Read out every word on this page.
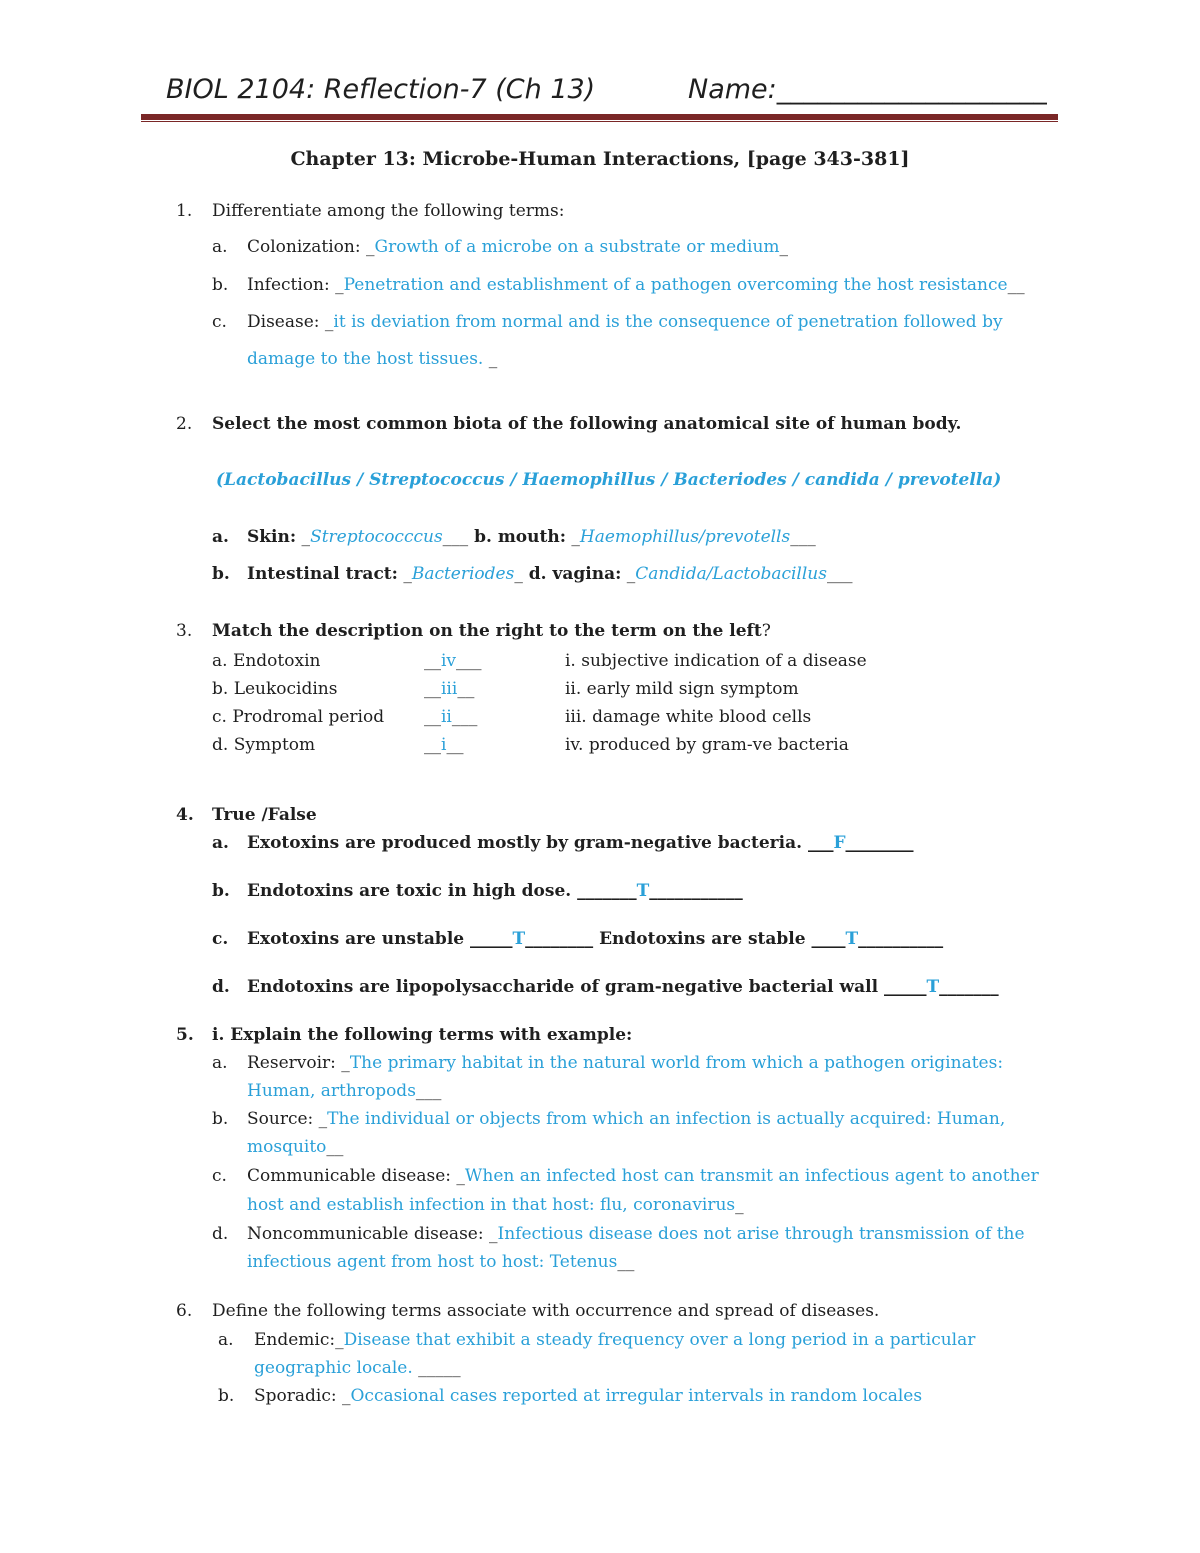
BIOL 2104: Reflection-7 (Ch 13)	Name:____________________
Chapter 13: Microbe-Human Interactions, [page 343-381]
1. Differentiate among the following terms:
a. Colonization: _Growth of a microbe on a substrate or medium_
b. Infection: _Penetration and establishment of a pathogen overcoming the host resistance__
c. Disease: _it is deviation from normal and is the consequence of penetration followed by
damage to the host tissues. _
2. Select the most common biota of the following anatomical site of human body.
(Lactobacillus / Streptococcus / Haemophillus / Bacteriodes / candida / prevotella)
a. Skin: _Streptococccus___ b. mouth: _Haemophillus/prevotells___
b. Intestinal tract: _Bacteriodes_ d. vagina: _Candida/Lactobacillus___
3. Match the description on the right to the term on the left?
a. Endotoxin	__iv___	i. subjective indication of a disease
b. Leukocidins	__iii__	ii. early mild sign symptom
c. Prodromal period __ii___	iii. damage white blood cells
d. Symptom	__i__	iv. produced by gram-ve bacteria
4. True /False
a. Exotoxins are produced mostly by gram-negative bacteria. ___F________
b. Endotoxins are toxic in high dose. _______T___________
c. Exotoxins are unstable _____T________ Endotoxins are stable ____T__________
d. Endotoxins are lipopolysaccharide of gram-negative bacterial wall _____T_______
5. i. Explain the following terms with example:
a. Reservoir: _The primary habitat in the natural world from which a pathogen originates:
Human, arthropods___
b. Source: _The individual or objects from which an infection is actually acquired: Human,
mosquito__
c. Communicable disease: _When an infected host can transmit an infectious agent to another
host and establish infection in that host: flu, coronavirus_
d. Noncommunicable disease: _Infectious disease does not arise through transmission of the
infectious agent from host to host: Tetenus__
6. Define the following terms associate with occurrence and spread of diseases.
a. Endemic:_Disease that exhibit a steady frequency over a long period in a particular
geographic locale. _____
b. Sporadic: _Occasional cases reported at irregular intervals in random locales
